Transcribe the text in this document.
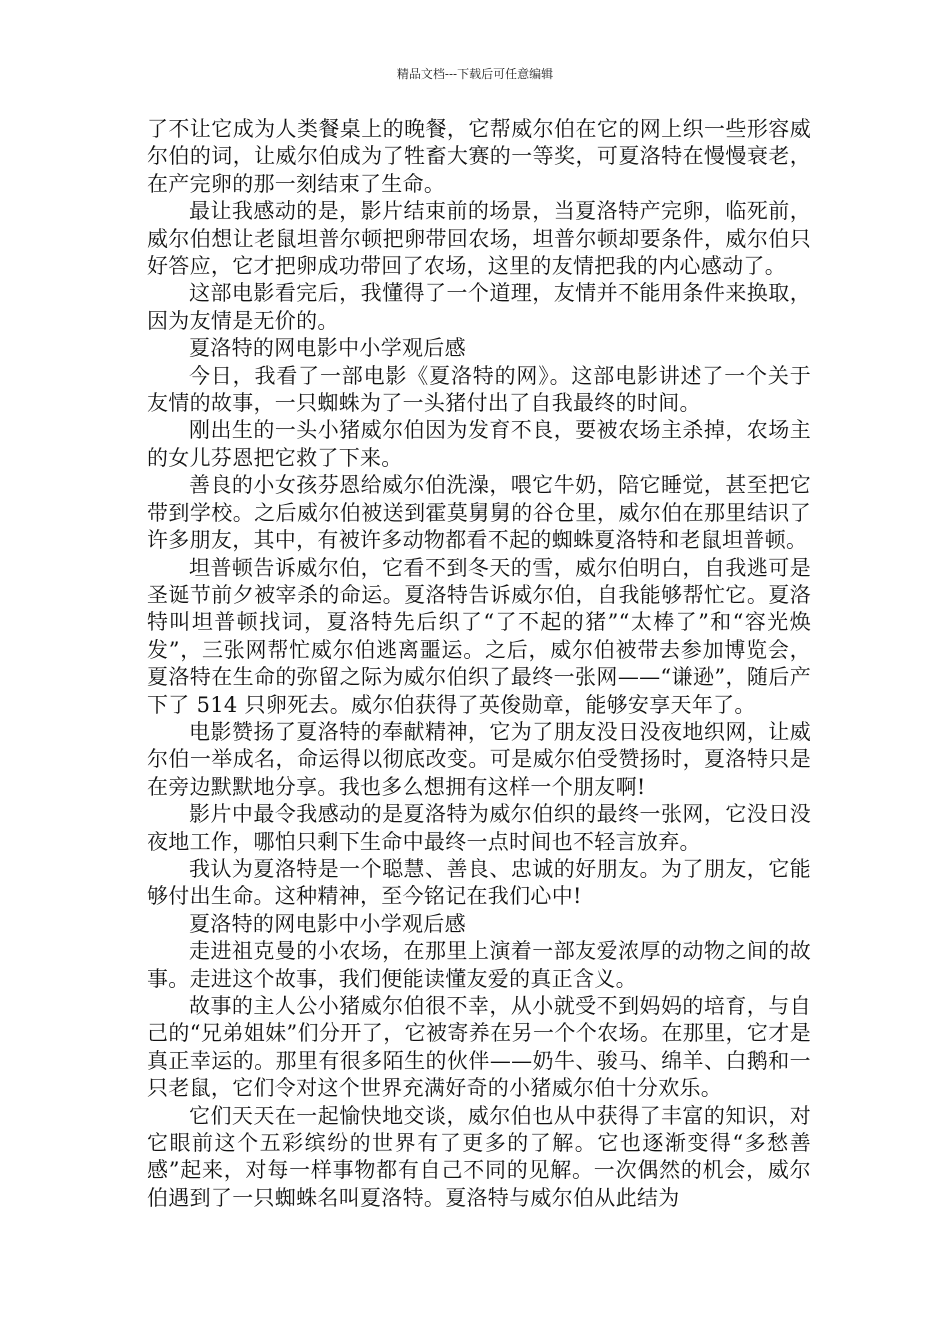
精品文档---下载后可任意编辑

了不让它成为人类餐桌上的晚餐，它帮威尔伯在它的网上织一些形容威尔伯的词，让威尔伯成为了牲畜大赛的一等奖，可夏洛特在慢慢衰老，在产完卵的那一刻结束了生命。

最让我感动的是，影片结束前的场景，当夏洛特产完卵，临死前，威尔伯想让老鼠坦普尔顿把卵带回农场，坦普尔顿却要条件，威尔伯只好答应，它才把卵成功带回了农场，这里的友情把我的内心感动了。

这部电影看完后，我懂得了一个道理，友情并不能用条件来换取，因为友情是无价的。

夏洛特的网电影中小学观后感

今日，我看了一部电影《夏洛特的网》。这部电影讲述了一个关于友情的故事，一只蜘蛛为了一头猪付出了自我最终的时间。

刚出生的一头小猪威尔伯因为发育不良，要被农场主杀掉，农场主的女儿芬恩把它救了下来。

善良的小女孩芬恩给威尔伯洗澡，喂它牛奶，陪它睡觉，甚至把它带到学校。之后威尔伯被送到霍莫舅舅的谷仓里，威尔伯在那里结识了许多朋友，其中，有被许多动物都看不起的蜘蛛夏洛特和老鼠坦普顿。

坦普顿告诉威尔伯，它看不到冬天的雪，威尔伯明白，自我逃可是圣诞节前夕被宰杀的命运。夏洛特告诉威尔伯，自我能够帮忙它。夏洛特叫坦普顿找词，夏洛特先后织了“了不起的猪”“太棒了”和“容光焕发”，三张网帮忙威尔伯逃离噩运。之后，威尔伯被带去参加博览会，夏洛特在生命的弥留之际为威尔伯织了最终一张网——“谦逊”，随后产下了 514 只卵死去。威尔伯获得了英俊勋章，能够安享天年了。

电影赞扬了夏洛特的奉献精神，它为了朋友没日没夜地织网，让威尔伯一举成名，命运得以彻底改变。可是威尔伯受赞扬时，夏洛特只是在旁边默默地分享。我也多么想拥有这样一个朋友啊!

影片中最令我感动的是夏洛特为威尔伯织的最终一张网，它没日没夜地工作，哪怕只剩下生命中最终一点时间也不轻言放弃。

我认为夏洛特是一个聪慧、善良、忠诚的好朋友。为了朋友，它能够付出生命。这种精神，至今铭记在我们心中!

夏洛特的网电影中小学观后感

走进祖克曼的小农场，在那里上演着一部友爱浓厚的动物之间的故事。走进这个故事，我们便能读懂友爱的真正含义。

故事的主人公小猪威尔伯很不幸，从小就受不到妈妈的培育，与自己的“兄弟姐妹”们分开了，它被寄养在另一个个农场。在那里，它才是真正幸运的。那里有很多陌生的伙伴——奶牛、骏马、绵羊、白鹅和一只老鼠，它们令对这个世界充满好奇的小猪威尔伯十分欢乐。

它们天天在一起愉快地交谈，威尔伯也从中获得了丰富的知识，对它眼前这个五彩缤纷的世界有了更多的了解。它也逐渐变得“多愁善感”起来，对每一样事物都有自己不同的见解。一次偶然的机会，威尔伯遇到了一只蜘蛛名叫夏洛特。夏洛特与威尔伯从此结为
